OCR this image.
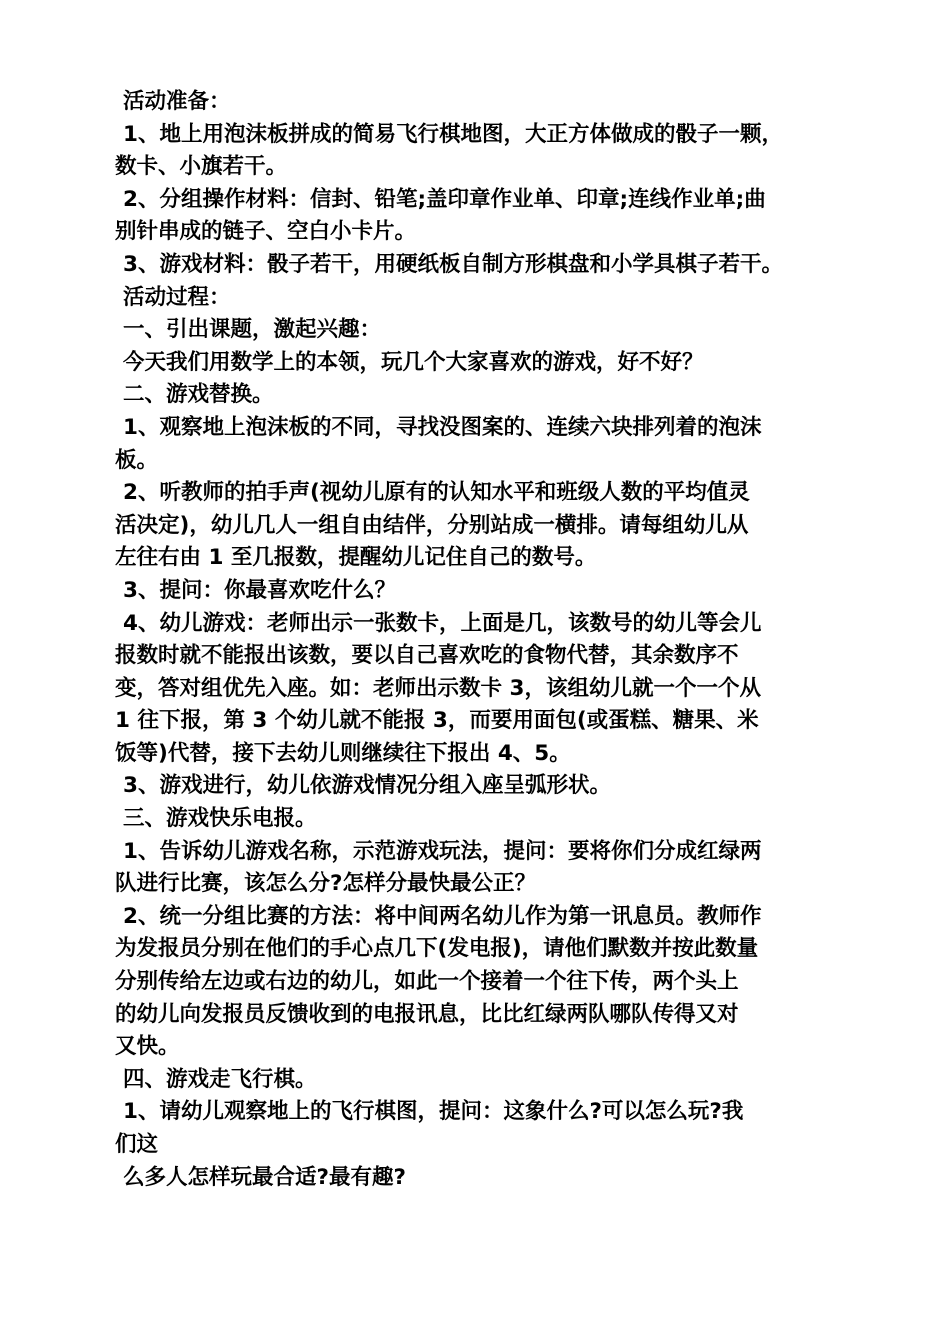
活动准备：
1、地上用泡沫板拼成的简易飞行棋地图，大正方体做成的骰子一颗，
数卡、小旗若干。
2、分组操作材料：信封、铅笔;盖印章作业单、印章;连线作业单;曲
别针串成的链子、空白小卡片。
3、游戏材料：骰子若干，用硬纸板自制方形棋盘和小学具棋子若干。
活动过程：
一、引出课题，激起兴趣：
今天我们用数学上的本领，玩几个大家喜欢的游戏，好不好？
二、游戏替换。
1、观察地上泡沫板的不同，寻找没图案的、连续六块排列着的泡沫
板。
2、听教师的拍手声(视幼儿原有的认知水平和班级人数的平均值灵
活决定)，幼儿几人一组自由结伴，分别站成一横排。请每组幼儿从
左往右由 1 至几报数，提醒幼儿记住自己的数号。
3、提问：你最喜欢吃什么？
4、幼儿游戏：老师出示一张数卡，上面是几，该数号的幼儿等会儿
报数时就不能报出该数，要以自己喜欢吃的食物代替，其余数序不
变，答对组优先入座。如：老师出示数卡 3，该组幼儿就一个一个从
1 往下报，第 3 个幼儿就不能报 3，而要用面包(或蛋糕、糖果、米
饭等)代替，接下去幼儿则继续往下报出 4、5。
3、游戏进行，幼儿依游戏情况分组入座呈弧形状。
三、游戏快乐电报。
1、告诉幼儿游戏名称，示范游戏玩法，提问：要将你们分成红绿两
队进行比赛，该怎么分?怎样分最快最公正？
2、统一分组比赛的方法：将中间两名幼儿作为第一讯息员。教师作
为发报员分别在他们的手心点几下(发电报)，请他们默数并按此数量
分别传给左边或右边的幼儿，如此一个接着一个往下传，两个头上
的幼儿向发报员反馈收到的电报讯息，比比红绿两队哪队传得又对
又快。
四、游戏走飞行棋。
1、请幼儿观察地上的飞行棋图，提问：这象什么?可以怎么玩?我
们这
么多人怎样玩最合适?最有趣?
